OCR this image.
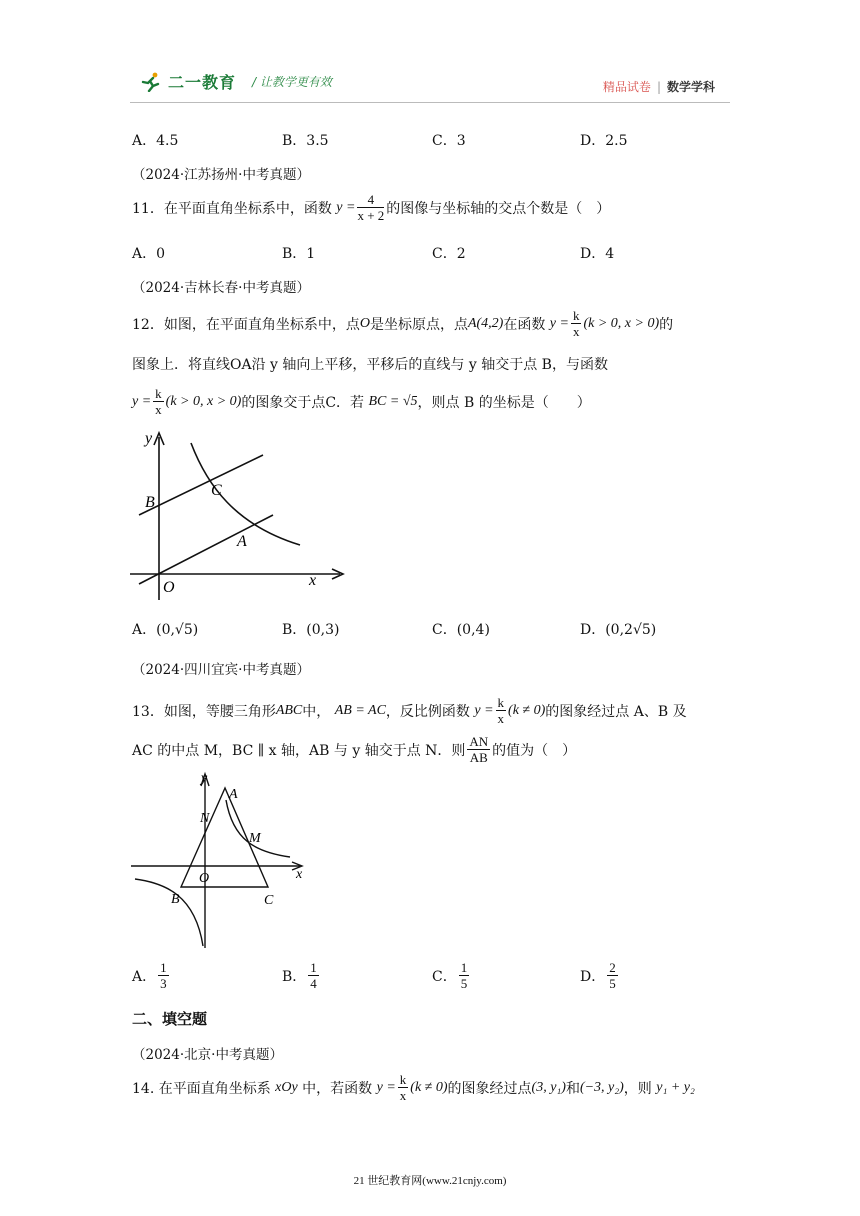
二一教育 / 让教学更有效	精品试卷 | 数学学科
A．4.5	B．3.5	C．3	D．2.5
（2024·江苏扬州·中考真题）
11．在平面直角坐标系中，函数
$y = \frac{4}{x + 2}$ 的图像与坐标轴的交点个数是（　）
A．0	B．1	C．2	D．4
（2024·吉林长春·中考真题）
12．如图，在平面直角坐标系中，点 O 是坐标原点，点 A(4,2) 在函数
$y = \frac{k}{x} (k > 0$, x > 0) 的
图象上．将直线OA沿 y 轴向上平移，平移后的直线与 y 轴交于点 B，与函数
$y = \frac{k}{x} (k > 0$, x > 0) 的图象交于点C．若
BC = √5 ，则点 B 的坐标是（　　）
y
x
O
A
B
C
A．(0,√5)	B．(0,3)	C．(0,4)	D．(0,2√5)
（2024·四川宜宾·中考真题）
13．如图，等腰三角形 ABC 中，
AB = AC ，反比例函数
$y = \frac{k}{x} (k \ne 0)$ 的图象经过点 A、B 及
AC 的中点 M，BC ∥ x 轴，AB 与 y 轴交于点 N．则 $\frac{AN}{AB}$ 的值为（　）
y
x
O
A
B	C
M
N
A． $\frac{1}{3}$	B． $\frac{1}{4}$	C． $\frac{1}{5}$	D． $\frac{2}{5}$
二、填空题
（2024·北京·中考真题）
14. 在平面直角坐标系
xOy
中，若函数
$y = \frac{k}{x} (k \ne 0)$ 的图象经过点 (3, y₁) 和 (−3, y₂) ，则
y₁ + y₂
21 世纪教育网(www.21cnjy.com)
